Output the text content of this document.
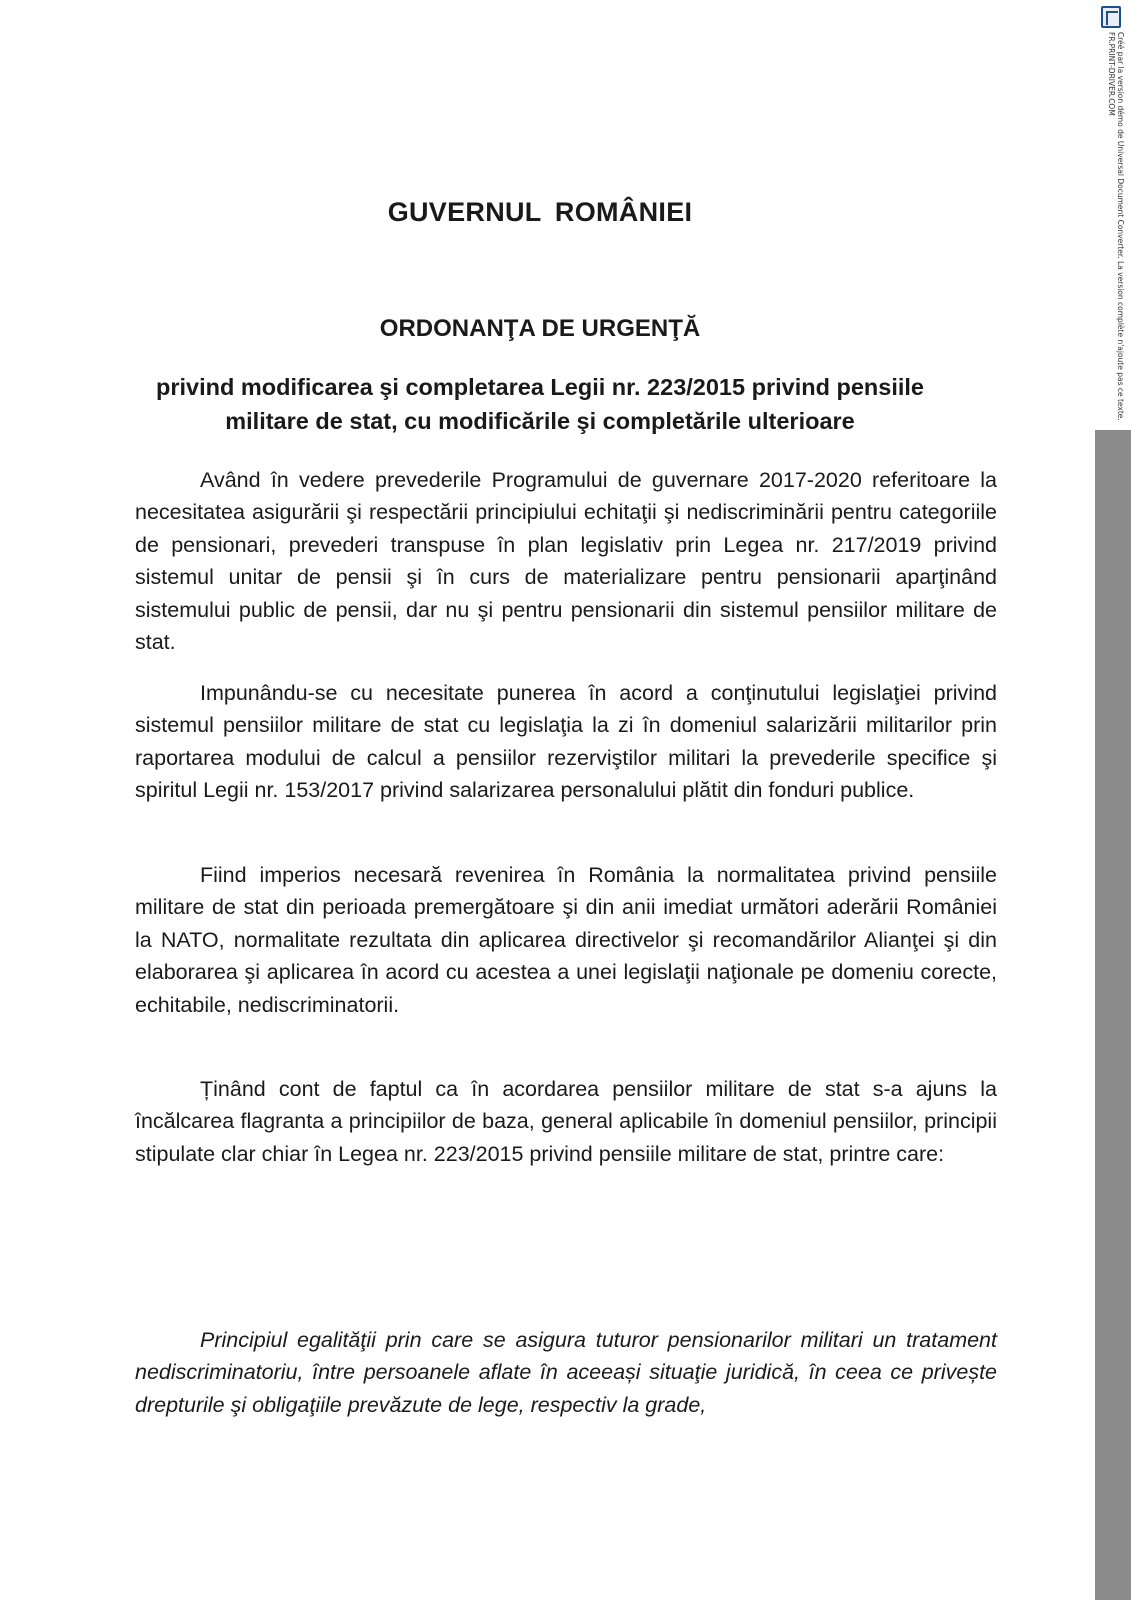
GUVERNUL ROMÂNIEI
ORDONANŢA DE URGENŢĂ
privind modificarea şi completarea Legii nr. 223/2015 privind pensiile militare de stat, cu modificările şi completările ulterioare

Având în vedere prevederile Programului de guvernare 2017-2020 referitoare la necesitatea asigurării şi respectării principiului echitaţii şi nediscriminării pentru categoriile de pensionari, prevederi transpuse în plan legislativ prin Legea nr. 217/2019 privind sistemul unitar de pensii şi în curs de materializare pentru pensionarii aparţinând sistemului public de pensii, dar nu şi pentru pensionarii din sistemul pensiilor militare de stat.

Impunându-se cu necesitate punerea în acord a conţinutului legislaţiei privind sistemul pensiilor militare de stat cu legislaţia la zi în domeniul salarizării militarilor prin raportarea modului de calcul a pensiilor rezerviştilor militari la prevederile specifice şi spiritul Legii nr. 153/2017 privind salarizarea personalului plătit din fonduri publice.

Fiind imperios necesară revenirea în România la normalitatea privind pensiile militare de stat din perioada premergătoare şi din anii imediat următori aderării României la NATO, normalitate rezultata din aplicarea directivelor şi recomandărilor Alianţei şi din elaborarea şi aplicarea în acord cu acestea a unei legislaţii naţionale pe domeniu corecte, echitabile, nediscriminatorii.

Ținând cont de faptul ca în acordarea pensiilor militare de stat s-a ajuns la încălcarea flagranta a principiilor de baza, general aplicabile în domeniul pensiilor, principii stipulate clar chiar în Legea nr. 223/2015 privind pensiile militare de stat, printre care:

Principiul egalităţii prin care se asigura tuturor pensionarilor militari un tratament nediscriminatoriu, între persoanele aflate în aceeași situaţie juridică, în ceea ce privește drepturile şi obligaţiile prevăzute de lege, respectiv la grade,

Créé par la version démo de Universal Document Converter. La version complète n'ajoute pas ce texte.
FR.PRINT-DRIVER.COM
